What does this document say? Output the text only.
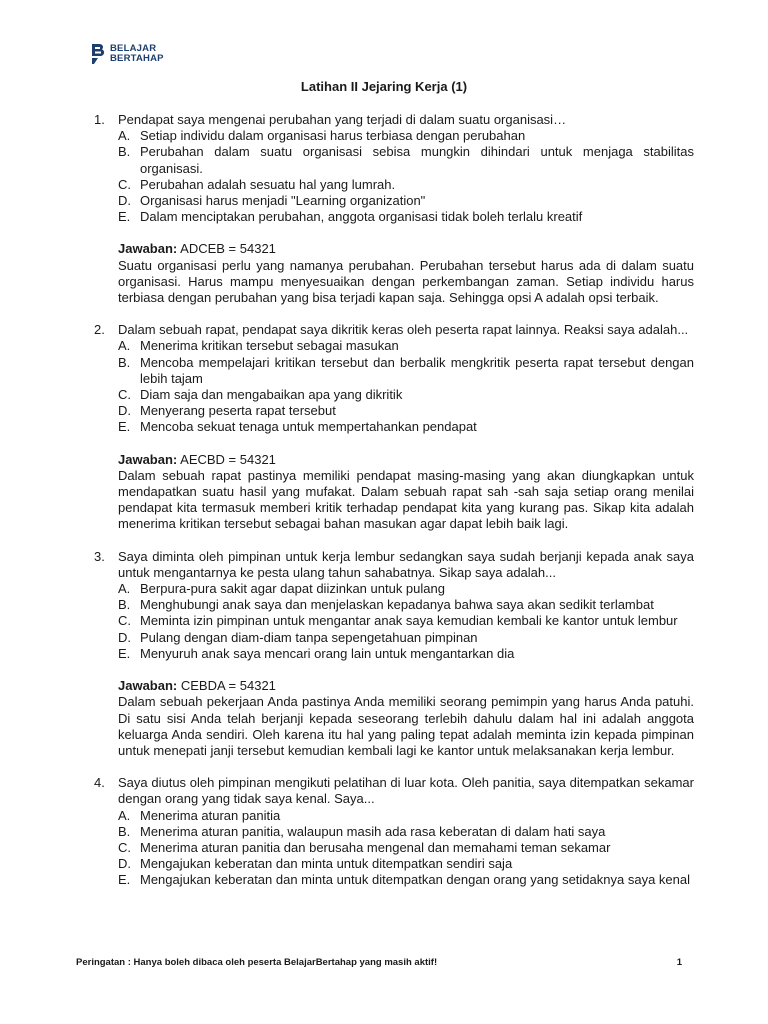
BELAJAR
BERTAHAP
Latihan II Jejaring Kerja (1)
1.	Pendapat saya mengenai perubahan yang terjadi di dalam suatu organisasi…
A. Setiap individu dalam organisasi harus terbiasa dengan perubahan
B. Perubahan dalam suatu organisasi sebisa mungkin dihindari untuk menjaga stabilitas organisasi.
C. Perubahan adalah sesuatu hal yang lumrah.
D. Organisasi harus menjadi "Learning organization"
E. Dalam menciptakan perubahan, anggota organisasi tidak boleh terlalu kreatif
Jawaban: ADCEB = 54321
Suatu organisasi perlu yang namanya perubahan. Perubahan tersebut harus ada di dalam suatu organisasi. Harus mampu menyesuaikan dengan perkembangan zaman. Setiap individu harus terbiasa dengan perubahan yang bisa terjadi kapan saja. Sehingga opsi A adalah opsi terbaik.
2.	Dalam sebuah rapat, pendapat saya dikritik keras oleh peserta rapat lainnya. Reaksi saya adalah...
A. Menerima kritikan tersebut sebagai masukan
B. Mencoba mempelajari kritikan tersebut dan berbalik mengkritik peserta rapat tersebut dengan lebih tajam
C. Diam saja dan mengabaikan apa yang dikritik
D. Menyerang peserta rapat tersebut
E. Mencoba sekuat tenaga untuk mempertahankan pendapat
Jawaban: AECBD = 54321
Dalam sebuah rapat pastinya memiliki pendapat masing-masing yang akan diungkapkan untuk mendapatkan suatu hasil yang mufakat. Dalam sebuah rapat sah -sah saja setiap orang menilai pendapat kita termasuk memberi kritik terhadap pendapat kita yang kurang pas. Sikap kita adalah menerima kritikan tersebut sebagai bahan masukan agar dapat lebih baik lagi.
3.	Saya diminta oleh pimpinan untuk kerja lembur sedangkan saya sudah berjanji kepada anak saya untuk mengantarnya ke pesta ulang tahun sahabatnya. Sikap saya adalah...
A. Berpura-pura sakit agar dapat diizinkan untuk pulang
B. Menghubungi anak saya dan menjelaskan kepadanya bahwa saya akan sedikit terlambat
C. Meminta izin pimpinan untuk mengantar anak saya kemudian kembali ke kantor untuk lembur
D. Pulang dengan diam-diam tanpa sepengetahuan pimpinan
E. Menyuruh anak saya mencari orang lain untuk mengantarkan dia
Jawaban: CEBDA = 54321
Dalam sebuah pekerjaan Anda pastinya Anda memiliki seorang pemimpin yang harus Anda patuhi. Di satu sisi Anda telah berjanji kepada seseorang terlebih dahulu dalam hal ini adalah anggota keluarga Anda sendiri. Oleh karena itu hal yang paling tepat adalah meminta izin kepada pimpinan untuk menepati janji tersebut kemudian kembali lagi ke kantor untuk melaksanakan kerja lembur.
4.	Saya diutus oleh pimpinan mengikuti pelatihan di luar kota. Oleh panitia, saya ditempatkan sekamar dengan orang yang tidak saya kenal. Saya...
A. Menerima aturan panitia
B. Menerima aturan panitia, walaupun masih ada rasa keberatan di dalam hati saya
C. Menerima aturan panitia dan berusaha mengenal dan memahami teman sekamar
D. Mengajukan keberatan dan minta untuk ditempatkan sendiri saja
E. Mengajukan keberatan dan minta untuk ditempatkan dengan orang yang setidaknya saya kenal
Peringatan : Hanya boleh dibaca oleh peserta BelajarBertahap yang masih aktif!	1
